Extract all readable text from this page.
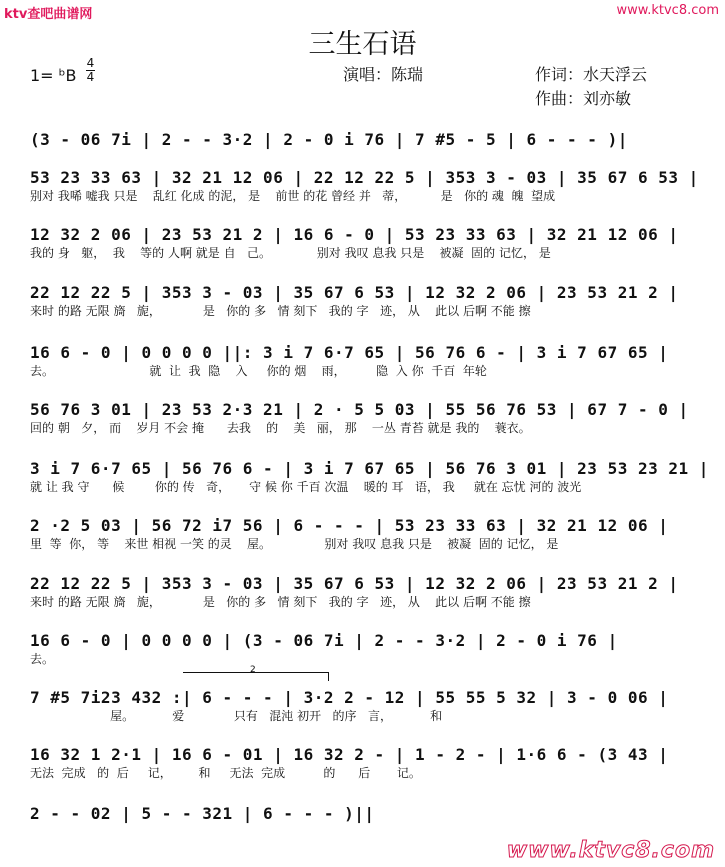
ktv查吧曲谱网	www.ktvc8.com
三生石语
1= ᵇB
4
4	演唱：陈瑞	作词：水天浮云
作曲：刘亦敏
2
(3 - 06 7i | 2 - - 3·2 | 2 - 0 i 76 | 7 #5 - 5 | 6 - - - )|
53 23 33 63 | 32 21 12 06 | 22 12 22 5 | 353 3 - 03 | 35 67 6 53 |
别对 我唏 嘘我 只是    乱红 化成 的泥， 是    前世 的花 曾经 并   蒂，         是   你的 魂  魄  望成
12 32 2 06 | 23 53 21 2 | 16 6 - 0 | 53 23 33 63 | 32 21 12 06 |
我的 身   躯，  我    等的 人啊 就是 自   己。            别对 我叹 息我 只是    被凝  固的 记忆， 是
22 12 22 5 | 353 3 - 03 | 35 67 6 53 | 12 32 2 06 | 23 53 21 2 |
来时 的路 无限 旖   旎，           是   你的 多   情 刻下   我的 字   迹， 从    此以 后啊 不能 擦
16 6 - 0 | 0 0 0 0 ||: 3 i 7 6·7 65 | 56 76 6 - | 3 i 7 67 65 |
去。                         就  让  我  隐    入     你的 烟    雨，        隐  入 你  千百  年轮
56 76 3 01 | 23 53 2·3 21 | 2 · 5 5 03 | 55 56 76 53 | 67 7 - 0 |
回的 朝   夕， 而    岁月 不会 掩      去我    的    美   丽， 那    一丛 青苔 就是 我的    蓑衣。
3 i 7 6·7 65 | 56 76 6 - | 3 i 7 67 65 | 56 76 3 01 | 23 53 23 21 |
就 让 我 守      候        你的 传   奇，     守 候 你 千百 次温    暖的 耳   语， 我     就在 忘忧 河的 波光
2 ·2 5 03 | 56 72 i7 56 | 6 - - - | 53 23 33 63 | 32 21 12 06 |
里  等  你， 等    来世 相视 一笑 的灵    屋。              别对 我叹 息我 只是    被凝  固的 记忆， 是
22 12 22 5 | 353 3 - 03 | 35 67 6 53 | 12 32 2 06 | 23 53 21 2 |
来时 的路 无限 旖   旎，           是   你的 多   情 刻下   我的 字   迹， 从    此以 后啊 不能 擦
16 6 - 0 | 0 0 0 0 | (3 - 06 7i | 2 - - 3·2 | 2 - 0 i 76 |
去。
7 #5 7i23 432 :| 6 - - - | 3·2 2 - 12 | 55 55 5 32 | 3 - 0 06 |
屋。          爱             只有   混沌 初开   的序   言，          和
16 32 1 2·1 | 16 6 - 01 | 16 32 2 - | 1 - 2 - | 1·6 6 - (3 43 |
无法  完成   的  后     记，       和     无法  完成          的      后       记。
2 - - 02 | 5 - - 321 | 6 - - - )||
www.ktvc8.com
